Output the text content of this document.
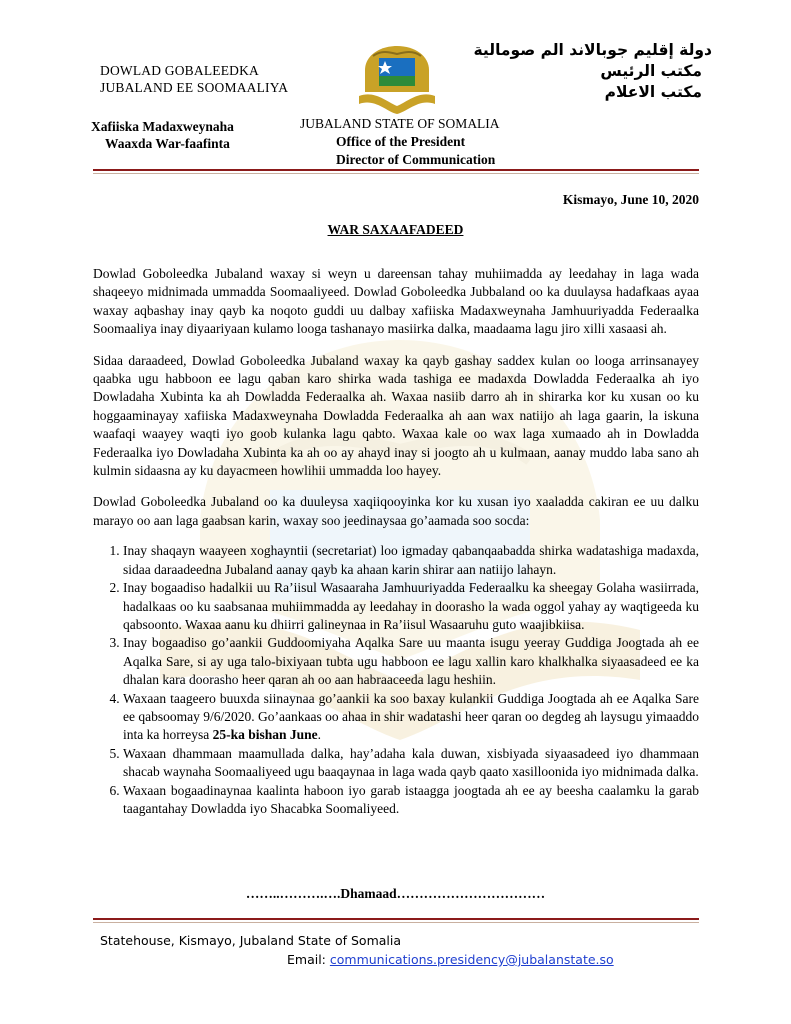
DOWLAD GOBALEEDKA
JUBALAND EE SOOMAALIYA
Xafiiska Madaxweynaha
Waaxda War-faafinta
JUBALAND STATE OF SOMALIA
Office of the President
Director of Communication
دولة إقليم جوبالاند الم صومالية
مكتب الرئيس
مكتب الاعلام
Kismayo, June 10, 2020
WAR SAXAAFADEED

Dowlad Goboleedka Jubaland waxay si weyn u dareensan tahay muhiimadda ay leedahay in laga wada shaqeeyo midnimada ummadda Soomaaliyeed. Dowlad Goboleedka Jubbaland oo ka duulaysa hadafkaas ayaa waxay aqbashay inay qayb ka noqoto guddi uu dalbay xafiiska Madaxweynaha Jamhuuriyadda Federaalka Soomaaliya inay diyaariyaan kulamo looga tashanayo masiirka dalka, maadaama lagu jiro xilli xasaasi ah.

Sidaa daraadeed, Dowlad Goboleedka Jubaland waxay ka qayb gashay saddex kulan oo looga arrinsanayey qaabka ugu habboon ee lagu qaban karo shirka wada tashiga ee madaxda Dowladda Federaalka ah iyo Dowladaha Xubinta ka ah Dowladda Federaalka ah. Waxaa nasiib darro ah in shirarka kor ku xusan oo ku hoggaaminayay xafiiska Madaxweynaha Dowladda Federaalka ah aan wax natiijo ah laga gaarin, la iskuna waafaqi waayey waqti iyo goob kulanka lagu qabto. Waxaa kale oo wax laga xumaado ah in Dowladda Federaalka iyo Dowladaha Xubinta ka ah oo ay ahayd inay si joogto ah u kulmaan, aanay muddo laba sano ah kulmin sidaasna ay ku dayacmeen howlihii ummadda loo hayey.

Dowlad Goboleedka Jubaland oo ka duuleysa xaqiiqooyinka kor ku xusan iyo xaaladda cakiran ee uu dalku marayo oo aan laga gaabsan karin, waxay soo jeedinaysaa go’aamada soo socda:

1. Inay shaqayn waayeen xoghayntii (secretariat) loo igmaday qabanqaabadda shirka wadatashiga madaxda, sidaa daraadeedna Jubaland aanay qayb ka ahaan karin shirar aan natiijo lahayn.
2. Inay bogaadiso hadalkii uu Ra’iisul Wasaaraha Jamhuuriyadda Federaalku ka sheegay Golaha wasiirrada, hadalkaas oo ku saabsanaa muhiimmadda ay leedahay in doorasho la wada oggol yahay ay waqtigeeda ku qabsoonto. Waxaa aanu ku dhiirri galineynaa in Ra’iisul Wasaaruhu guto waajibkiisa.
3. Inay bogaadiso go’aankii Guddoomiyaha Aqalka Sare uu maanta isugu yeeray Guddiga Joogtada ah ee Aqalka Sare, si ay uga talo-bixiyaan tubta ugu habboon ee lagu xallin karo khalkhalka siyaasadeed ee ka dhalan kara doorasho heer qaran ah oo aan habraaceeda lagu heshiin.
4. Waxaan taageero buuxda siinaynaa go’aankii ka soo baxay kulankii Guddiga Joogtada ah ee Aqalka Sare ee qabsoomay 9/6/2020. Go’aankaas oo ahaa in shir wadatashi heer qaran oo degdeg ah laysugu yimaaddo inta ka horreysa 25-ka bishan June.
5. Waxaan dhammaan maamullada dalka, hay’adaha kala duwan, xisbiyada siyaasadeed iyo dhammaan shacab waynaha Soomaaliyeed ugu baaqaynaa in laga wada qayb qaato xasilloonida iyo midnimada dalka.
6. Waxaan bogaadinaynaa kaalinta haboon iyo garab istaagga joogtada ah ee ay beesha caalamku la garab taagantahay Dowladda iyo Shacabka Soomaliyeed.
……..……….….Dhamaad……………………………
Statehouse, Kismayo, Jubaland State of Somalia
Email: communications.presidency@jubalanstate.so
